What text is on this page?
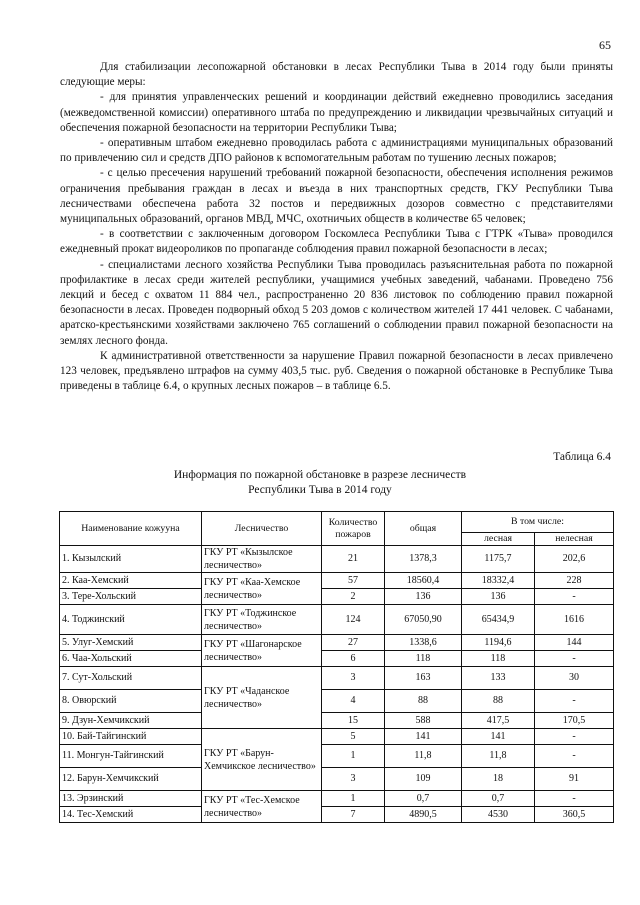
65

Для стабилизации лесопожарной обстановки в лесах Республики Тыва в 2014 году были приняты следующие меры:

- для принятия управленческих решений и координации действий ежедневно проводились заседания (межведомственной комиссии) оперативного штаба по предупреждению и ликвидации чрезвычайных ситуаций и обеспечения пожарной безопасности на территории Республики Тыва;

- оперативным штабом ежедневно проводилась работа с администрациями муниципальных образований по привлечению сил и средств ДПО районов к вспомогательным работам по тушению лесных пожаров;

- с целью пресечения нарушений требований пожарной безопасности, обеспечения исполнения режимов ограничения пребывания граждан в лесах и въезда в них транспортных средств, ГКУ Республики Тыва лесничествами обеспечена работа 32 постов и передвижных дозоров совместно с представителями муниципальных образований, органов МВД, МЧС, охотничьих обществ в количестве 65 человек;

- в соответствии с заключенным договором Госкомлеса Республики Тыва с ГТРК «Тыва» проводился ежедневный прокат видеороликов по пропаганде соблюдения правил пожарной безопасности в лесах;

- специалистами лесного хозяйства Республики Тыва проводилась разъяснительная работа по пожарной профилактике в лесах среди жителей республики, учащимися учебных заведений, чабанами. Проведено 756 лекций и бесед с охватом 11 884 чел., распространенно 20 836 листовок по соблюдению правил пожарной безопасности в лесах. Проведен подворный обход 5 203 домов с количеством жителей 17 441 человек. С чабанами, аратско-крестьянскими хозяйствами заключено 765 соглашений о соблюдении правил пожарной безопасности на землях лесного фонда.

К административной ответственности за нарушение Правил пожарной безопасности в лесах привлечено 123 человек, предъявлено штрафов на сумму 403,5 тыс. руб. Сведения о пожарной обстановке в Республике Тыва приведены в таблице 6.4, о крупных лесных пожаров – в таблице 6.5.

Таблица 6.4
Информация по пожарной обстановке в разрезе лесничеств
Республики Тыва в 2014 году
Наименование кожууна	Лесничество	Количество пожаров	общая	В том числе:	
				лесная	нелесная
1. Кызылский	ГКУ РТ «Кызылское лесничество»	21	1378,3	1175,7	202,6
2. Каа-Хемский	ГКУ РТ «Каа-Хемское лесничество»	57	18560,4	18332,4	228
3. Тере-Хольский		2	136	136	-
4. Тоджинский	ГКУ РТ «Тоджинское лесничество»	124	67050,90	65434,9	1616
5. Улуг-Хемский	ГКУ РТ «Шагонарское лесничество»	27	1338,6	1194,6	144
6. Чаа-Хольский		6	118	118	-
7. Сут-Хольский	ГКУ РТ «Чаданское лесничество»	3	163	133	30
8. Овюрский		4	88	88	-
9. Дзун-Хемчикский		15	588	417,5	170,5
10. Бай-Тайгинский	ГКУ РТ «Барун-Хемчикское лесничество»	5	141	141	-
11. Монгун-Тайгинский		1	11,8	11,8	-
12. Барун-Хемчикский		3	109	18	91
13. Эрзинский	ГКУ РТ «Тес-Хемское лесничество»	1	0,7	0,7	-
14. Тес-Хемский		7	4890,5	4530	360,5
